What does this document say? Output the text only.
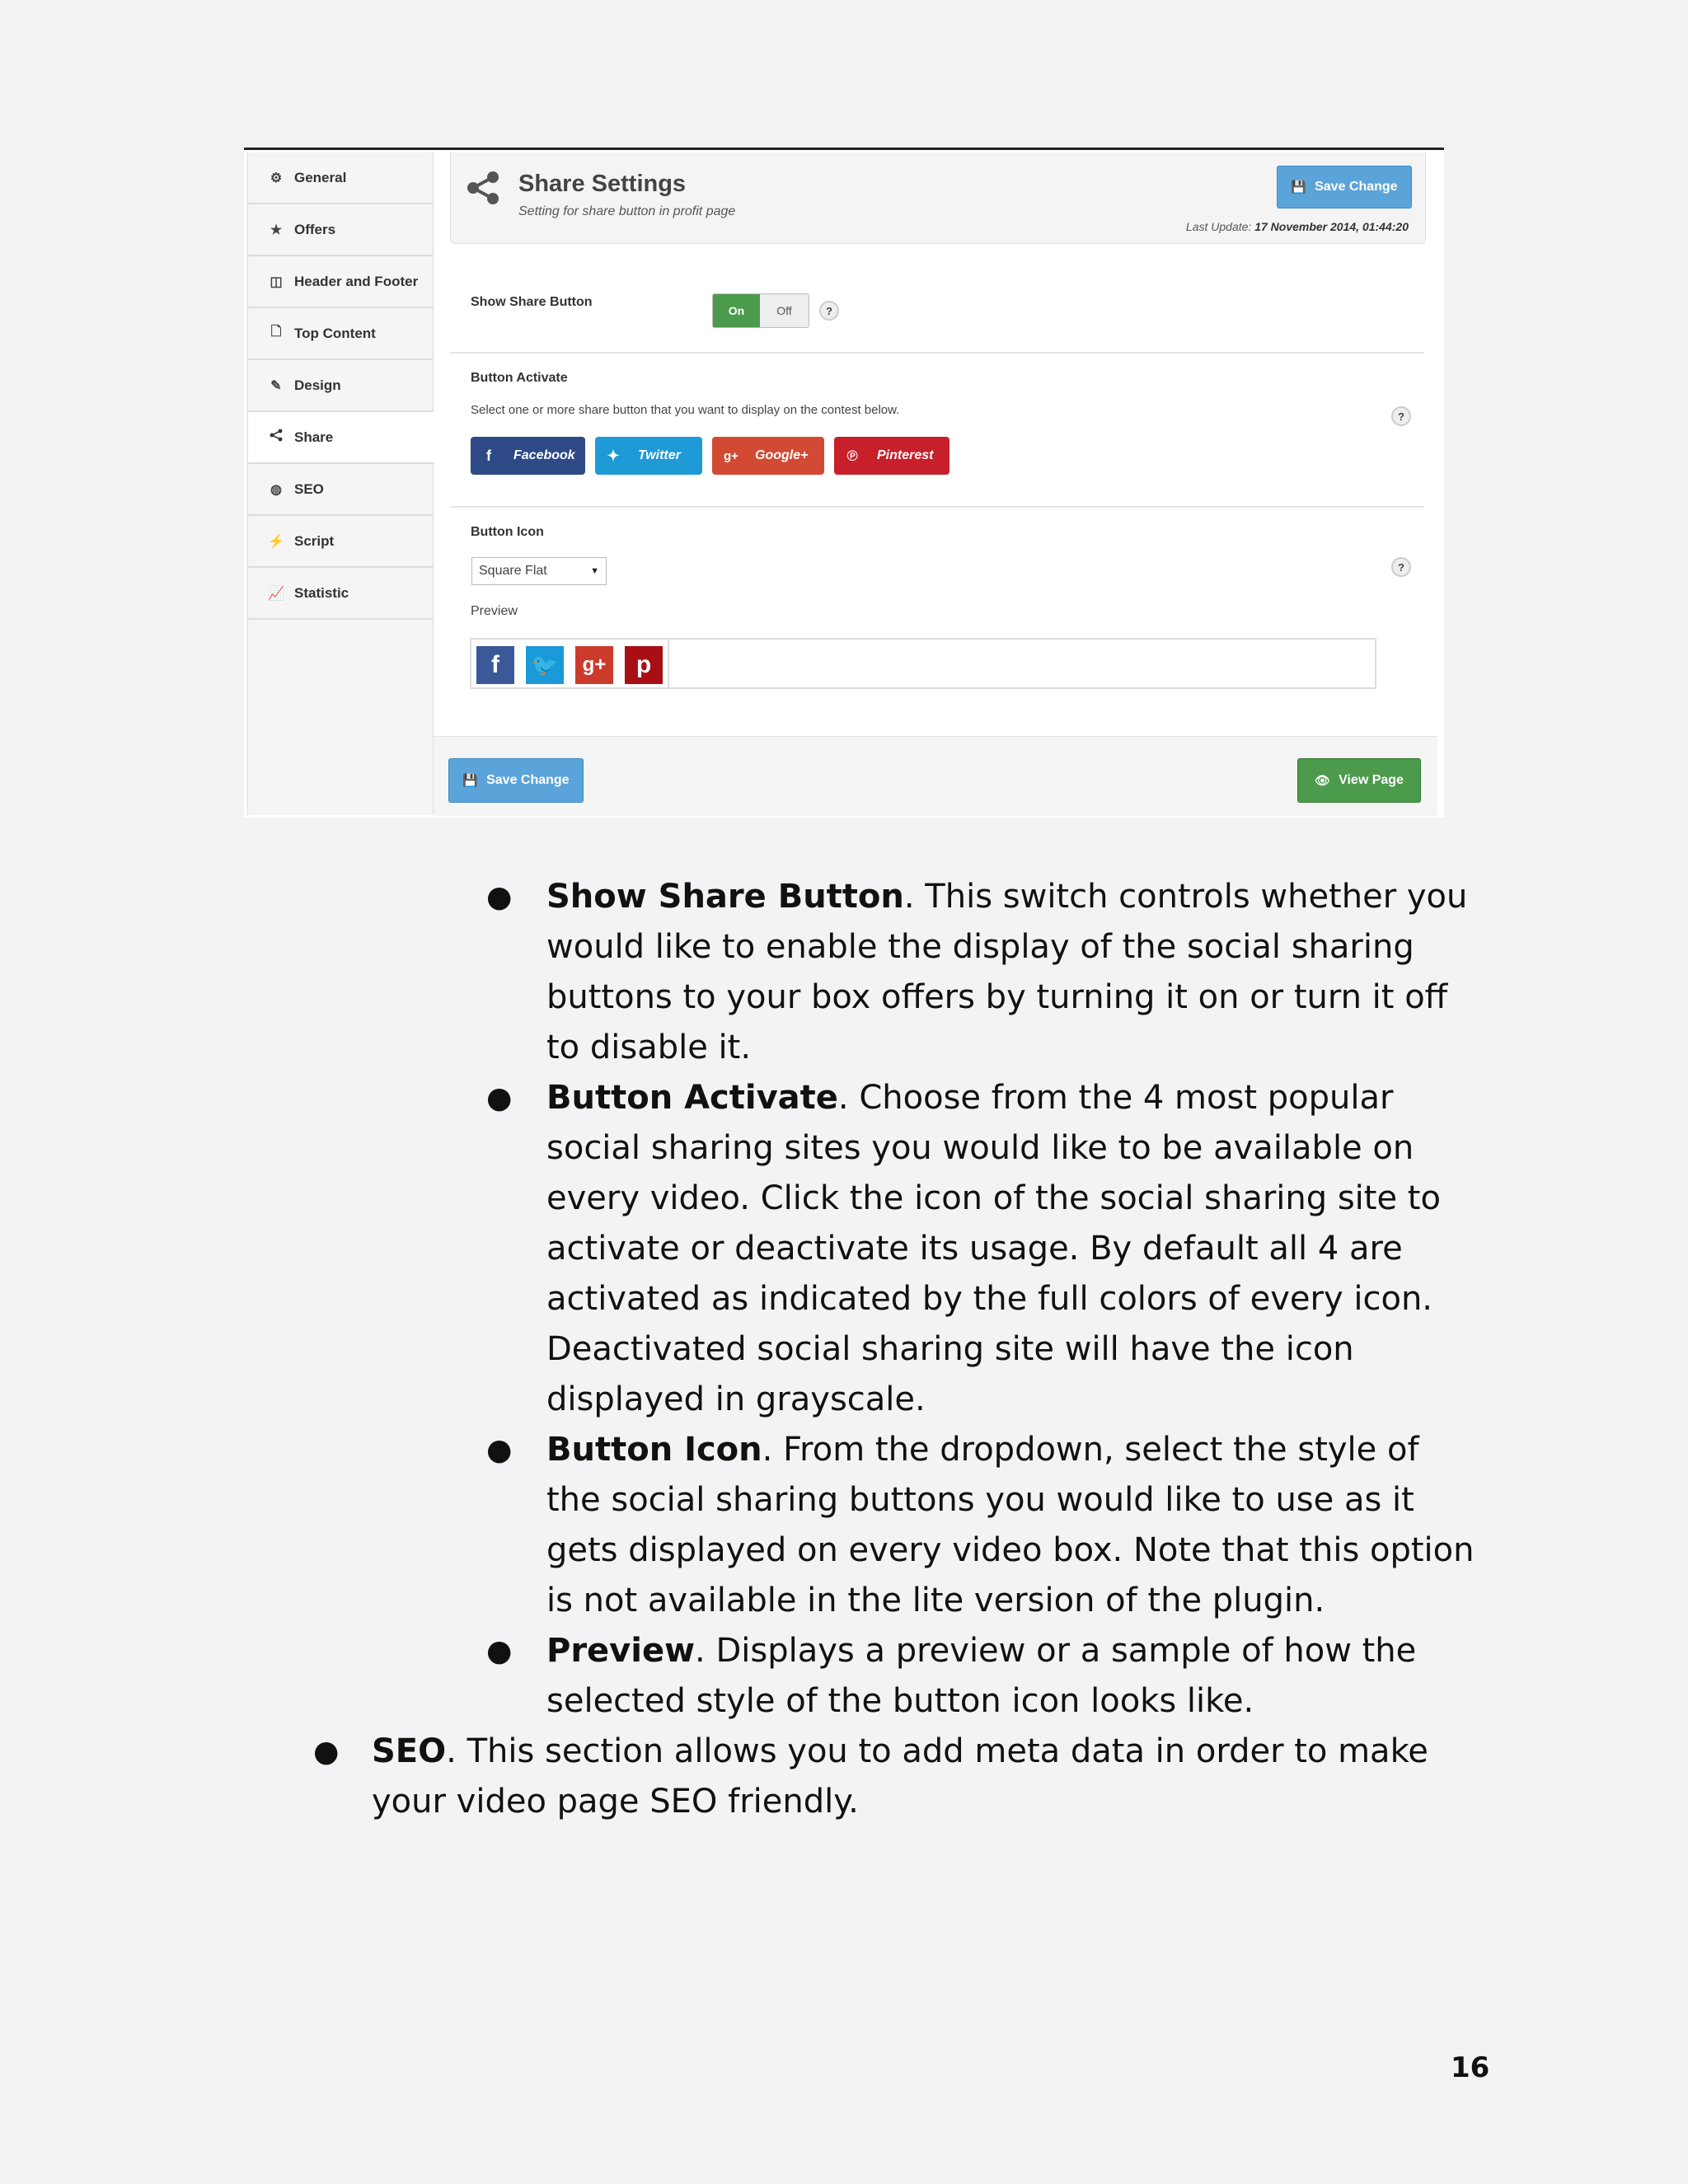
⚙ General
★ Offers
◫ Header and Footer
🗋 Top Content
✎ Design
Share
◍ SEO
⚡ Script
📈 Statistic
Share Settings
Setting for share button in profit page
💾 Save Change
Last Update: 17 November 2014, 01:44:20
Show Share Button
On	Off	?
Button Activate
Select one or more share button that you want to display on the contest below.	?
f	Facebook ✦ Twitter	g+ Google+	℗ Pinterest
Button Icon
Square Flat	▼	?
Preview
f	🐦	g+	p
💾 Save Change	👁 View Page
● Show Share Button. This switch controls whether you
would like to enable the display of the social sharing
buttons to your box offers by turning it on or turn it off
to disable it.
● Button Activate. Choose from the 4 most popular
social sharing sites you would like to be available on
every video. Click the icon of the social sharing site to
activate or deactivate its usage. By default all 4 are
activated as indicated by the full colors of every icon.
Deactivated social sharing site will have the icon
displayed in grayscale.
● Button Icon. From the dropdown, select the style of
the social sharing buttons you would like to use as it
gets displayed on every video box. Note that this option
is not available in the lite version of the plugin.
● Preview. Displays a preview or a sample of how the
selected style of the button icon looks like.
● SEO. This section allows you to add meta data in order to make
your video page SEO friendly.
16
